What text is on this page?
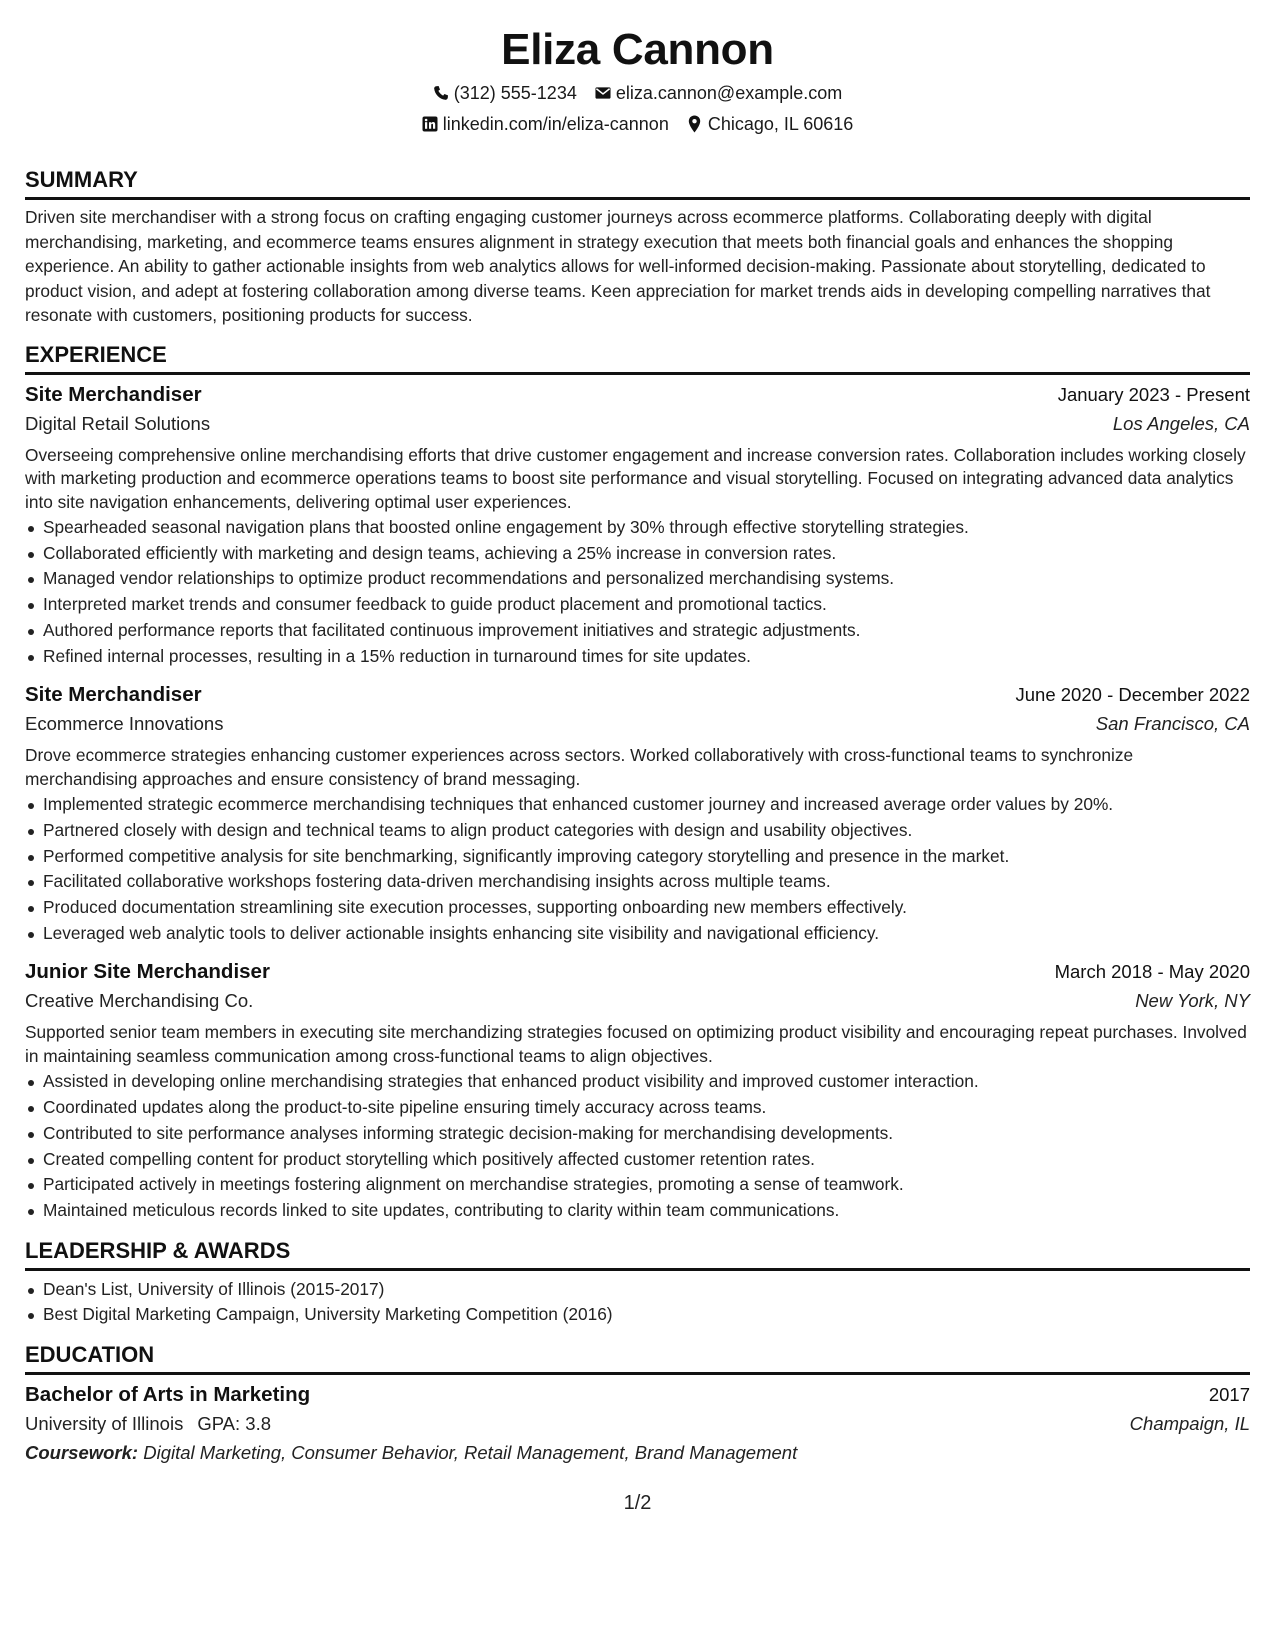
Eliza Cannon
(312) 555-1234 eliza.cannon@example.com
linkedin.com/in/eliza-cannon Chicago, IL 60616
SUMMARY

Driven site merchandiser with a strong focus on crafting engaging customer journeys across ecommerce platforms. Collaborating deeply with digital merchandising, marketing, and ecommerce teams ensures alignment in strategy execution that meets both financial goals and enhances the shopping experience. An ability to gather actionable insights from web analytics allows for well-informed decision-making. Passionate about storytelling, dedicated to product vision, and adept at fostering collaboration among diverse teams. Keen appreciation for market trends aids in developing compelling narratives that resonate with customers, positioning products for success.

EXPERIENCE
Site Merchandiser	January 2023 - Present
Digital Retail Solutions	Los Angeles, CA

Overseeing comprehensive online merchandising efforts that drive customer engagement and increase conversion rates. Collaboration includes working closely with marketing production and ecommerce operations teams to boost site performance and visual storytelling. Focused on integrating advanced data analytics into site navigation enhancements, delivering optimal user experiences.

Spearheaded seasonal navigation plans that boosted online engagement by 30% through effective storytelling strategies.
Collaborated efficiently with marketing and design teams, achieving a 25% increase in conversion rates.
Managed vendor relationships to optimize product recommendations and personalized merchandising systems.
Interpreted market trends and consumer feedback to guide product placement and promotional tactics.
Authored performance reports that facilitated continuous improvement initiatives and strategic adjustments.
Refined internal processes, resulting in a 15% reduction in turnaround times for site updates.
Site Merchandiser	June 2020 - December 2022
Ecommerce Innovations	San Francisco, CA

Drove ecommerce strategies enhancing customer experiences across sectors. Worked collaboratively with cross-functional teams to synchronize merchandising approaches and ensure consistency of brand messaging.

Implemented strategic ecommerce merchandising techniques that enhanced customer journey and increased average order values by 20%.
Partnered closely with design and technical teams to align product categories with design and usability objectives.
Performed competitive analysis for site benchmarking, significantly improving category storytelling and presence in the market.
Facilitated collaborative workshops fostering data-driven merchandising insights across multiple teams.
Produced documentation streamlining site execution processes, supporting onboarding new members effectively.
Leveraged web analytic tools to deliver actionable insights enhancing site visibility and navigational efficiency.
Junior Site Merchandiser	March 2018 - May 2020
Creative Merchandising Co.	New York, NY

Supported senior team members in executing site merchandizing strategies focused on optimizing product visibility and encouraging repeat purchases. Involved in maintaining seamless communication among cross-functional teams to align objectives.

Assisted in developing online merchandising strategies that enhanced product visibility and improved customer interaction.
Coordinated updates along the product-to-site pipeline ensuring timely accuracy across teams.
Contributed to site performance analyses informing strategic decision-making for merchandising developments.
Created compelling content for product storytelling which positively affected customer retention rates.
Participated actively in meetings fostering alignment on merchandise strategies, promoting a sense of teamwork.
Maintained meticulous records linked to site updates, contributing to clarity within team communications.
LEADERSHIP & AWARDS
Dean's List, University of Illinois (2015-2017)
Best Digital Marketing Campaign, University Marketing Competition (2016)
EDUCATION
Bachelor of Arts in Marketing	2017
University of Illinois GPA: 3.8	Champaign, IL
Coursework: Digital Marketing, Consumer Behavior, Retail Management, Brand Management
1/2
